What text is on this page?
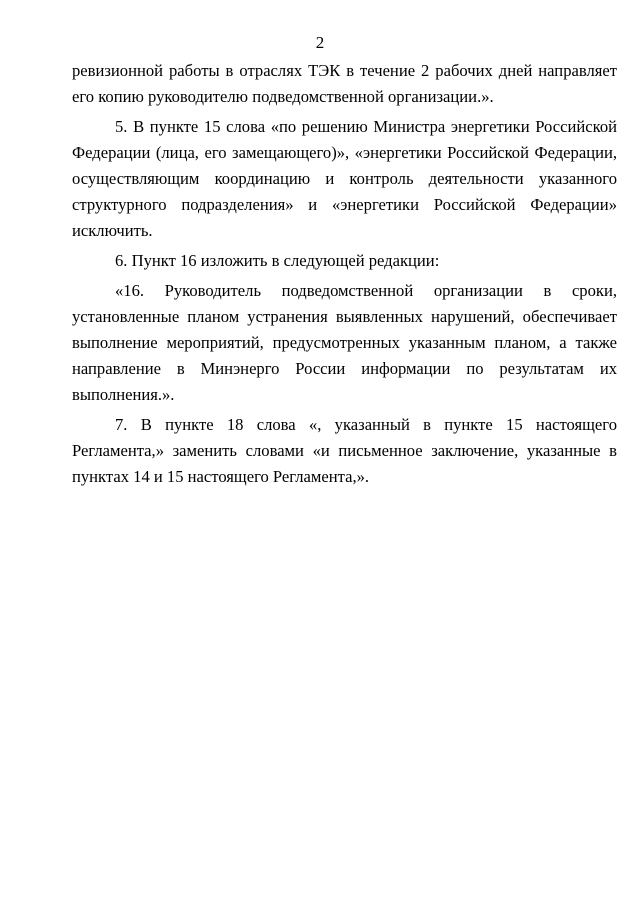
2

ревизионной работы в отраслях ТЭК в течение 2 рабочих дней направляет его копию руководителю подведомственной организации.».

5. В пункте 15 слова «по решению Министра энергетики Российской Федерации (лица, его замещающего)», «энергетики Российской Федерации, осуществляющим координацию и контроль деятельности указанного структурного подразделения» и «энергетики Российской Федерации» исключить.

6. Пункт 16 изложить в следующей редакции:

«16. Руководитель подведомственной организации в сроки, установленные планом устранения выявленных нарушений, обеспечивает выполнение мероприятий, предусмотренных указанным планом, а также направление в Минэнерго России информации по результатам их выполнения.».

7. В пункте 18 слова «, указанный в пункте 15 настоящего Регламента,» заменить словами «и письменное заключение, указанные в пунктах 14 и 15 настоящего Регламента,».
